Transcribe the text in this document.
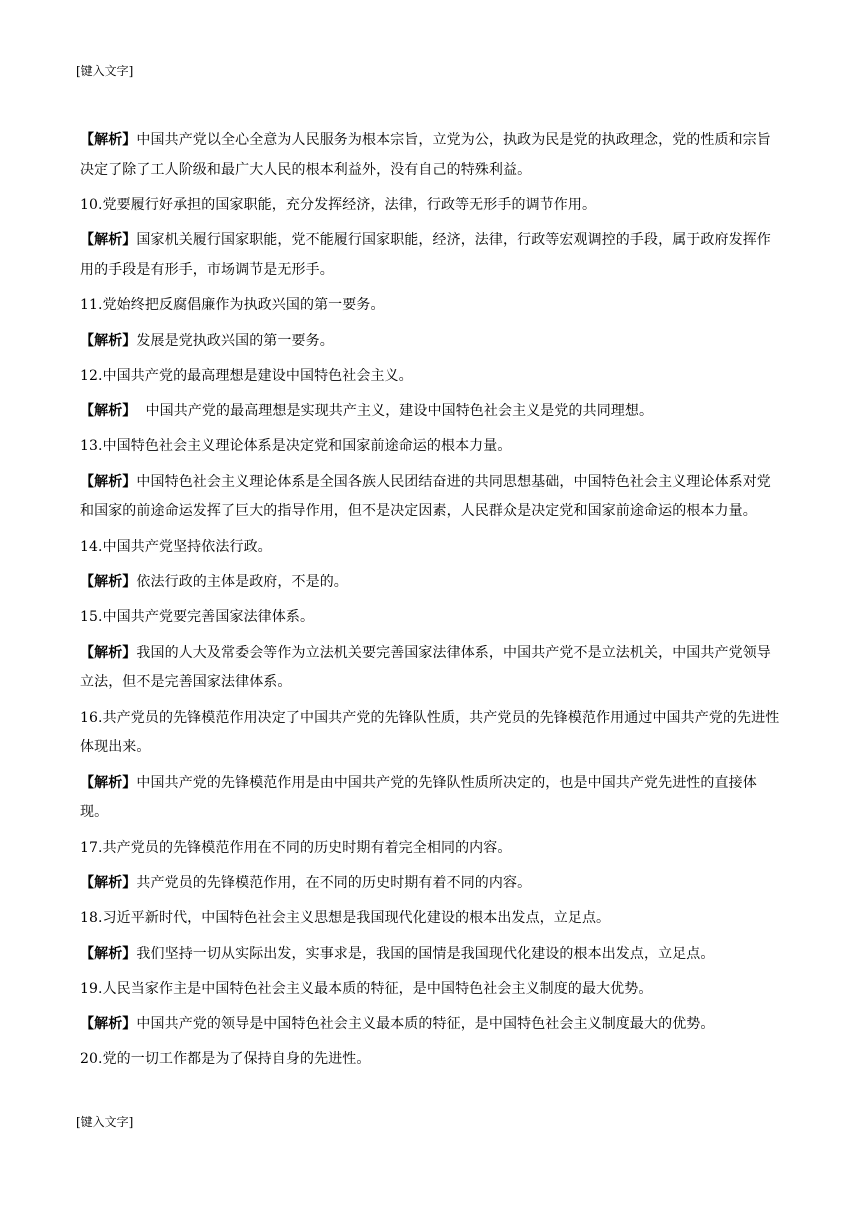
[键入文字]

【解析】中国共产党以全心全意为人民服务为根本宗旨，立党为公，执政为民是党的执政理念，党的性质和宗旨决定了除了工人阶级和最广大人民的根本利益外，没有自己的特殊利益。

10.党要履行好承担的国家职能，充分发挥经济，法律，行政等无形手的调节作用。

【解析】国家机关履行国家职能，党不能履行国家职能，经济，法律，行政等宏观调控的手段，属于政府发挥作用的手段是有形手，市场调节是无形手。

11.党始终把反腐倡廉作为执政兴国的第一要务。

【解析】发展是党执政兴国的第一要务。

12.中国共产党的最高理想是建设中国特色社会主义。

【解析】  中国共产党的最高理想是实现共产主义，建设中国特色社会主义是党的共同理想。

13.中国特色社会主义理论体系是决定党和国家前途命运的根本力量。

【解析】中国特色社会主义理论体系是全国各族人民团结奋进的共同思想基础，中国特色社会主义理论体系对党和国家的前途命运发挥了巨大的指导作用，但不是决定因素，人民群众是决定党和国家前途命运的根本力量。

14.中国共产党坚持依法行政。

【解析】依法行政的主体是政府，不是的。

15.中国共产党要完善国家法律体系。

【解析】我国的人大及常委会等作为立法机关要完善国家法律体系，中国共产党不是立法机关，中国共产党领导立法，但不是完善国家法律体系。

16.共产党员的先锋模范作用决定了中国共产党的先锋队性质，共产党员的先锋模范作用通过中国共产党的先进性体现出来。

【解析】中国共产党的先锋模范作用是由中国共产党的先锋队性质所决定的，也是中国共产党先进性的直接体现。

17.共产党员的先锋模范作用在不同的历史时期有着完全相同的内容。

【解析】共产党员的先锋模范作用，在不同的历史时期有着不同的内容。

18.习近平新时代，中国特色社会主义思想是我国现代化建设的根本出发点，立足点。

【解析】我们坚持一切从实际出发，实事求是，我国的国情是我国现代化建设的根本出发点，立足点。

19.人民当家作主是中国特色社会主义最本质的特征，是中国特色社会主义制度的最大优势。

【解析】中国共产党的领导是中国特色社会主义最本质的特征，是中国特色社会主义制度最大的优势。

20.党的一切工作都是为了保持自身的先进性。

[键入文字]
